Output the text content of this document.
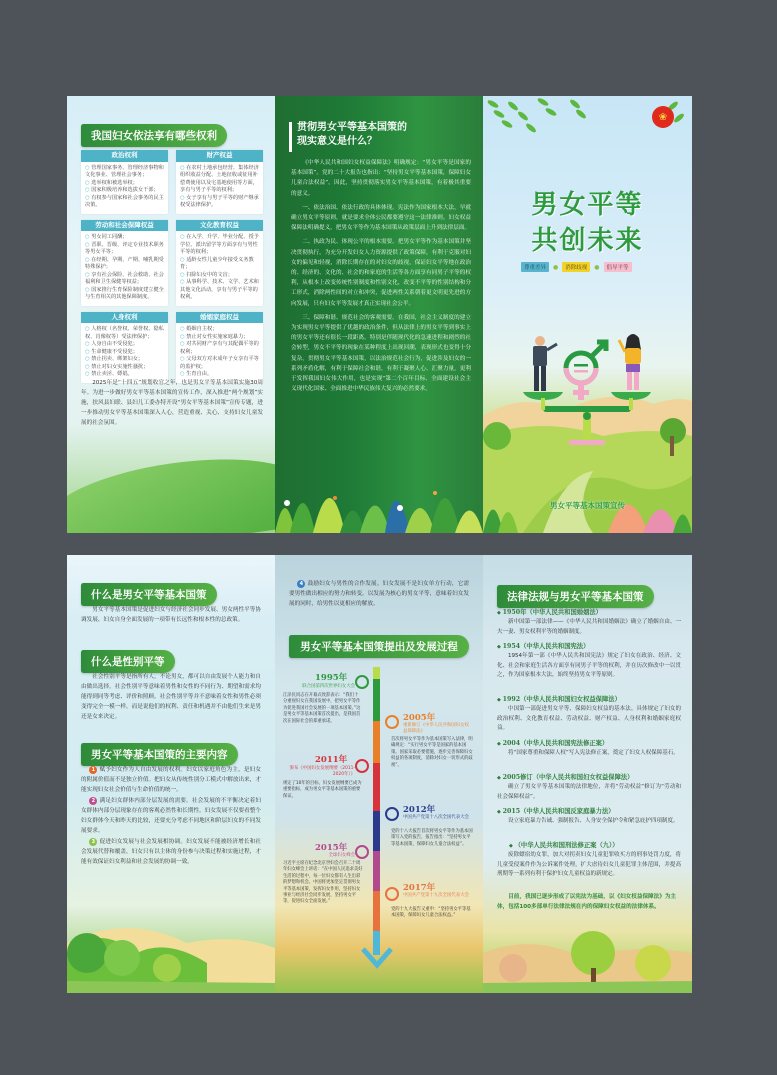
我国妇女依法享有哪些权利
政治权利
○ 管理国家事务、管理经济事物和文化事业、管理社会事务；
○ 选举权和被选举权；
○ 国家积极培养和选拔女干部；
○ 有权参与国家和社会事务的民主决策。
财产权益
○ 在农村土地承包经营、集体经济组织收益分配、土地征收或征用补偿费使用以及宅基地使用等方面，享有与男子平等的权利；
○ 女子享有与男子平等的财产继承权受法律保护。
劳动和社会保障权益
○ 男女同工同酬；
○ 晋职、晋级、评定专业技术职务等男女平等；
○ 在经期、孕期、产期、哺乳期受特殊保护；
○ 享有社会保险、社会救助、社会福利和卫生保健等权益；
○ 国家推行生育保险制度建立健全与生育相关的其他保障制度。
文化教育权益
○ 在入学、升学、毕业分配、授予学位、派出留学等方面享有与男性平等的权利；
○ 适龄女性儿童少年接受义务教育；
○ 扫除妇女中的文盲；
○ 从事科学、技术、文学、艺术和其他文化活动，享有与男子平等的权利。
人身权利
○ 人格权（名誉权、荣誉权、隐私权、肖像权等）受法律保护；
○ 人身自由不受侵犯；
○ 生命健康不受侵犯；
○ 禁止拐卖、绑架妇女；
○ 禁止对妇女实施性骚扰；
○ 禁止卖淫、嫖娼。
婚姻家庭权益
○ 婚姻自主权；
○ 禁止对女性实施家庭暴力；
○ 对共同财产享有与其配偶平等的权利；
○ 父母双方对未成年子女享有平等的监护权；
○ 生育自由。
2025年是“十四五”规划收官之年，也是男女平等基本国策实施30周年。为进一步做好男女平等基本国策的宣传工作，深入推进“两个规划”实施，扶风县妇联、县妇儿工委办特开设“男女平等基本国策”宣传专题，进一步推动男女平等基本国策深入人心，营造重视、关心、支持妇女儿童发展的社会氛围。
贯彻男女平等基本国策的
现实意义是什么？

《中华人民共和国妇女权益保障法》明确规定：“男女平等是国家的基本国策”。党的二十大报告也指出：“坚持男女平等基本国策，保障妇女儿童合法权益”。因此，坚持贯彻落实男女平等基本国策，有着极其重要的意义。

一、依法治国、依法行政的具体体现。宪法作为国家根本大法，早就确立男女平等原则，就是要求全体公民都要遵守这一法律准则。妇女权益保障法明确提义，把男女平等作为基本国策从政策层面上升到法律层面。

二、执政为民、体现公平的根本需要。把男女平等作为基本国策并坚决贯彻执行，为充分开发妇女人力资源提供了政策保障，有利于克服对妇女的偏见和轻视，消除长期存在的对妇女的歧视，保证妇女平等地在政治的、经济的、文化的、社会的和家庭的生活等各方面享有同男子平等的权利，从根本上改变传统性别制度和性别文化，改变不平等的性别结构和分工形式，消除两性间的对立和冲突，促进两性关系朝着更文明更先进的方向发展，只有妇女平等发展才真正实现社会公平。

三、保障和谐、规范社会的客观需要。在我国，社会主义制度的建立为实现男女平等提供了优越的政治条件，但从法律上的男女平等到事实上的男女平等还有很长一段距离，特别是伴随现代化的急速进程和剧烈的社会转型，男女不平等的现象在某种程度上出现回潮，表现形式也变得十分复杂。贯彻男女平等基本国策，以法治规范社会行为，促进涉及妇女的一系列矛盾化解，有利于保障社会和谐，有利于凝聚人心、汇聚力量，更利于发挥我国妇女伟大作用，也是实现“第二个百年目标、全面建设社会主义现代化国家、全面推进中华民族伟大复兴的必然要求。

❀
男女平等
共创未来
尊重差异	●	消除歧视	●	倡导平等
男女平等基本国策宣传
什么是男女平等基本国策
男女平等基本国策是促进妇女与经济社会同步发展、男女两性平等协调发展、妇女自身全面发展的一项带有长远性和根本性的总政策。
什么是性别平等
社会性别平等是指所有人，不论男女，都可以自由发展个人能力和自由做出选择。社会性别平等意味着男性和女性的不同行为、期望和需求均能得到同等考虑、评价和照顾。社会性别平等并不意味着女性和男性必须变得完全一模一样，而是说他们的权利、责任和机遇并不由他们生来是男还是女来决定。
男女平等基本国策的主要内容

1 赋予妇女作为人自由发展的权利。妇女以家庭角色为主，是妇女的附属价值而不是独立价值。把妇女从传统性别分工模式中解放出来，才能实现妇女社会价值与生命价值的统一。

2 满足妇女群体内部分层发展的需要。社会发展的不平衡决定着妇女群体内部分层现象存在的客观必然性和长期性。妇女发展不仅要看整个妇女群体今天和昨天的比较，还要充分考虑不同地区和阶层妇女的不同发展要求。

3 促进妇女发展与社会发展相协调。妇女发展不能被经济增长和社会发展代替和覆盖，妇女只有以主体的身份参与决策过程和实施过程，才能有效保证妇女利益和社会发展的协调一致。

4 鼓励妇女与男性的合作发展。妇女发展不是妇女单方行动，它需要男性做出相应的努力和转变。以发展为核心的男女平等，意味着妇女发展的同时，给男性以更相应的解放。

男女平等基本国策提出及发展过程
1995年
联合国第四次世界妇女大会
江泽民同志在开幕式致辞表示：“我们十分重视妇女在我国发展中，把男女平等作为促进我国社会发展的一项基本国策。”这是男女平等基本国策首次提出，是我国首次在国际社会的郑重承诺。	2005年
重新修订《中华人民共和国妇女权益保障法》
首次将男女平等作为基本国策写入法律，明确规定：“实行男女平等是国家的基本国策。国家采取必要措施，逐步完善保障妇女权益的各项制度，消除对妇女一切形式的歧视”。
2011年
颁布《中国妇女发展纲要（2011-2020年）》
规定了10年的目标，妇女发展纲要已成为重要指标，成为男女平等基本国策的重要保证。
2012年
中国共产党第十八次全国代表大会
党的十八大报告首次将男女平等作为基本国策写入党的报告，报告指出：“坚持男女平等基本国策，保障妇女儿童合法权益”。
2015年
全球妇女峰会
习近平主席在纪念北京世妇会召开二十周年妇女峰会上讲话：“在中国人民追求美好生活的过程中，每一位妇女都有人生出彩的梦想和机会。中国将更加坚定贯彻男女平等基本国策，发挥妇女作用，坚持妇女事业与经济社会同步发展，坚持男女平等，促进妇女全面发展。”
2017年
中国共产党第十九次全国代表大会
党的十九大报告又重申：“坚持男女平等基本国策，保障妇女儿童合法权益。”
法律法规与男女平等基本国策
◆ 1950年（中华人民共和国婚姻法）
新中国第一部法律——《中华人民共和国婚姻法》确立了婚姻自由、一夫一妻、男女权利平等的婚姻制度。
◆ 1954（中华人民共和国宪法）
1954年第一部《中华人民共和国宪法》规定了妇女在政治、经济、文化、社会和家庭生活各方面享有同男子平等的权利，并在历次修改中一以贯之，作为国家根本大法，始终坚持男女平等原则。
◆ 1992（中华人民共和国妇女权益保障法）
中国第一部促进男女平等、保障妇女权益的基本法。具体规定了妇女的政治权利、文化教育权益、劳动权益、财产权益、人身权利和婚姻家庭权益。
◆ 2004（中华人民共和国宪法修正案）
将“国家尊重和保障人权”写入宪法修正案，奠定了妇女人权保障基石。
◆ 2005修订（中华人民共和国妇女权益保障法）
确立了男女平等基本国策的法律地位，并将“劳动权益”修订为“劳动和社会保障权益”。
◆ 2015（中华人民共和国反家庭暴力法）
设立家庭暴力告诫、强制报告、人身安全保护令和紧急庇护四项制度。
◆ （中华人民共和国刑法修正案（九））
废除嫖宿幼女罪，加大对拐卖妇女儿童犯罪收买方的刑事处罚力度，将儿童受侵案件作为公诉案件处理，扩大虐待妇女儿童犯罪主体范围，并提高刑期等一系列有利于保护妇女儿童权益的新规定。
目前，我国已逐步形成了以宪法为基础，以《妇女权益保障法》为主体，包括100多部单行法律法规在内的保障妇女权益的法律体系。
